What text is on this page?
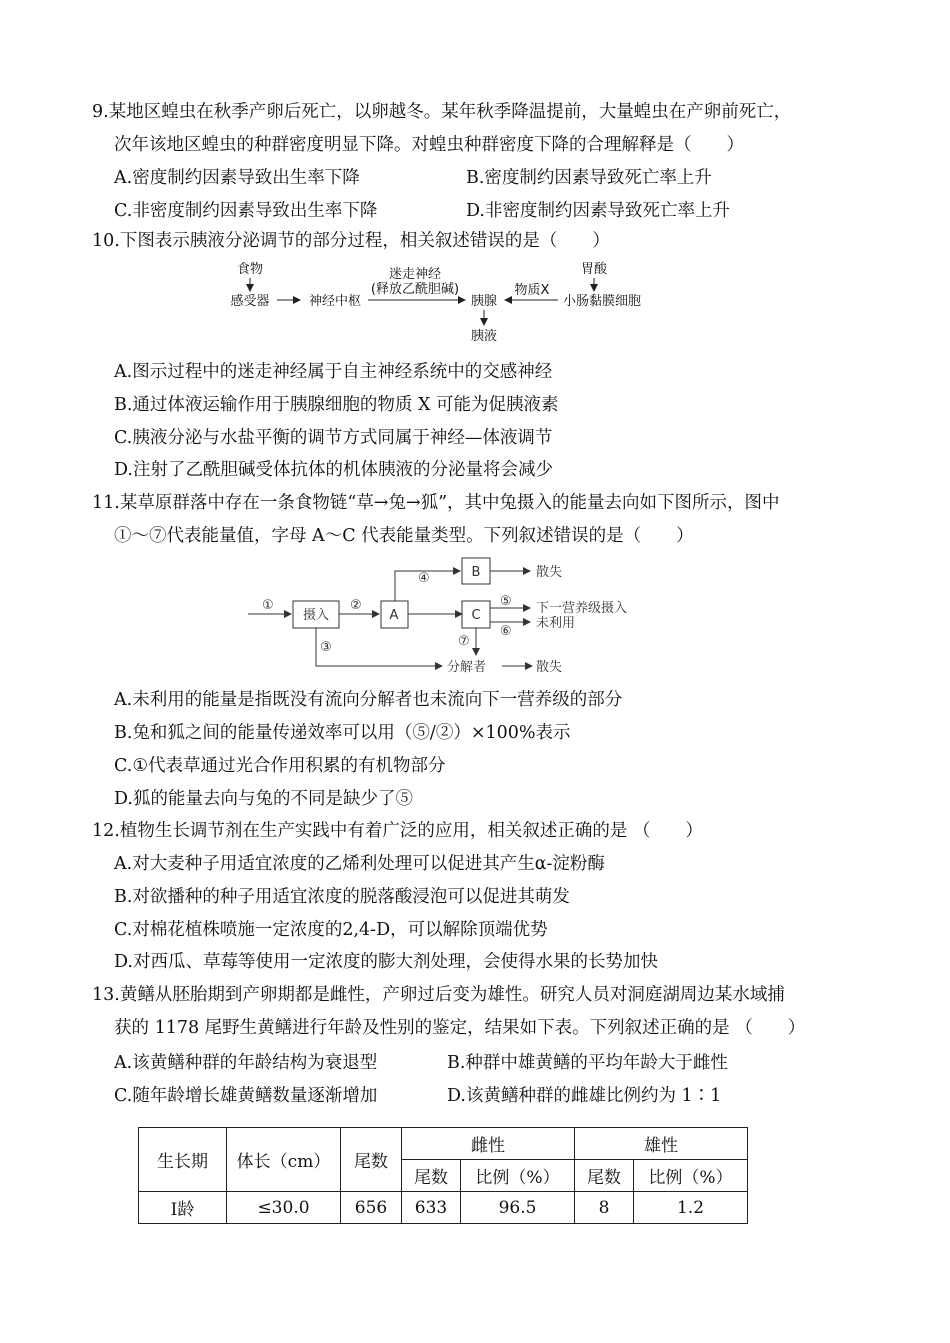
9.某地区蝗虫在秋季产卵后死亡，以卵越冬。某年秋季降温提前，大量蝗虫在产卵前死亡，
次年该地区蝗虫的种群密度明显下降。对蝗虫种群密度下降的合理解释是（　　）
A.密度制约因素导致出生率下降	B.密度制约因素导致死亡率上升
C.非密度制约因素导致出生率下降	D.非密度制约因素导致死亡率上升
10.下图表示胰液分泌调节的部分过程，相关叙述错误的是（　　）
食物
感受器	神经中枢
迷走神经
(释放乙酰胆碱)
胰腺
物质X
胃酸
小肠黏膜细胞
胰液
A.图示过程中的迷走神经属于自主神经系统中的交感神经
B.通过体液运输作用于胰腺细胞的物质 X 可能为促胰液素
C.胰液分泌与水盐平衡的调节方式同属于神经—体液调节
D.注射了乙酰胆碱受体抗体的机体胰液的分泌量将会减少
11.某草原群落中存在一条食物链“草→兔→狐”，其中兔摄入的能量去向如下图所示，图中
①～⑦代表能量值，字母 A～C 代表能量类型。下列叙述错误的是（　　）
①
摄入
②
A
④	B	散失
C
⑤ 下一营养级摄入
⑥
未利用
⑦
③
分解者	散失
A.未利用的能量是指既没有流向分解者也未流向下一营养级的部分
B.兔和狐之间的能量传递效率可以用（⑤/②）×100%表示
C.①代表草通过光合作用积累的有机物部分
D.狐的能量去向与兔的不同是缺少了⑤
12.植物生长调节剂在生产实践中有着广泛的应用，相关叙述正确的是 （　　）
A.对大麦种子用适宜浓度的乙烯利处理可以促进其产生α-淀粉酶
B.对欲播种的种子用适宜浓度的脱落酸浸泡可以促进其萌发
C.对棉花植株喷施一定浓度的2,4-D，可以解除顶端优势
D.对西瓜、草莓等使用一定浓度的膨大剂处理，会使得水果的长势加快
13.黄鳝从胚胎期到产卵期都是雌性，产卵过后变为雄性。研究人员对洞庭湖周边某水域捕
获的 1178 尾野生黄鳝进行年龄及性别的鉴定，结果如下表。下列叙述正确的是 （　　）
A.该黄鳝种群的年龄结构为衰退型	B.种群中雄黄鳝的平均年龄大于雌性
C.随年龄增长雄黄鳝数量逐渐增加	D.该黄鳝种群的雌雄比例约为 1∶1
生长期	体长（cm）	尾数	雌性		雄性	
			尾数	比例（%）	尾数	比例（%）
Ⅰ龄	≤30.0	656	633	96.5	8	1.2
